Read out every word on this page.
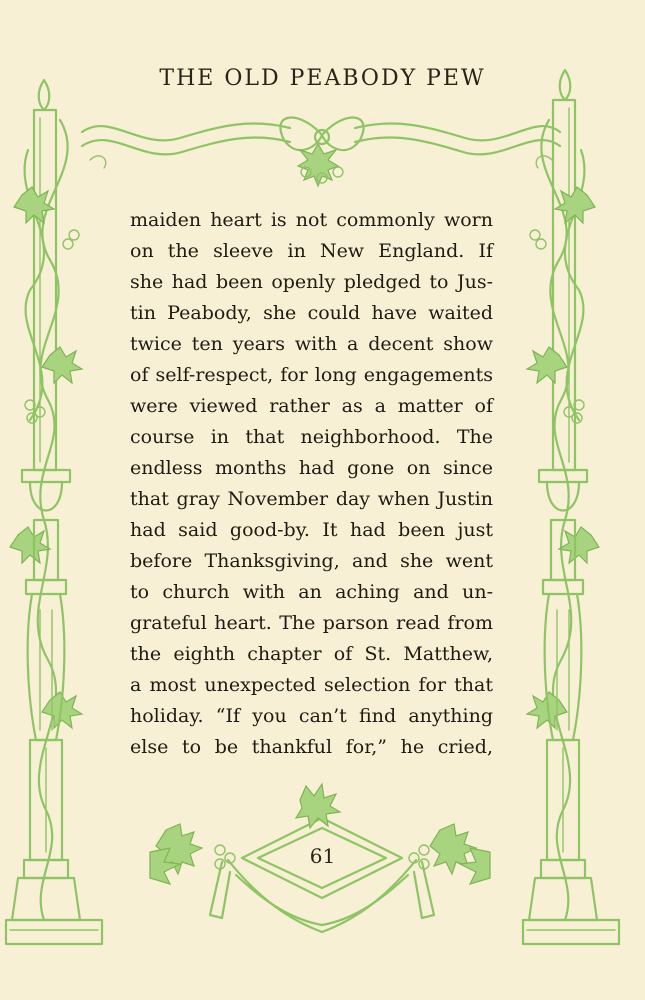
THE OLD PEABODY PEW
maiden heart is not commonly worn
on the sleeve in New England. If
she had been openly pledged to Jus-
tin Peabody, she could have waited
twice ten years with a decent show
of self-respect, for long engagements
were viewed rather as a matter of
course in that neighborhood. The
endless months had gone on since
that gray November day when Justin
had said good-by. It had been just
before Thanksgiving, and she went
to church with an aching and un-
grateful heart. The parson read from
the eighth chapter of St. Matthew,
a most unexpected selection for that
holiday. “If you can’t find anything
else to be thankful for,” he cried,
61
